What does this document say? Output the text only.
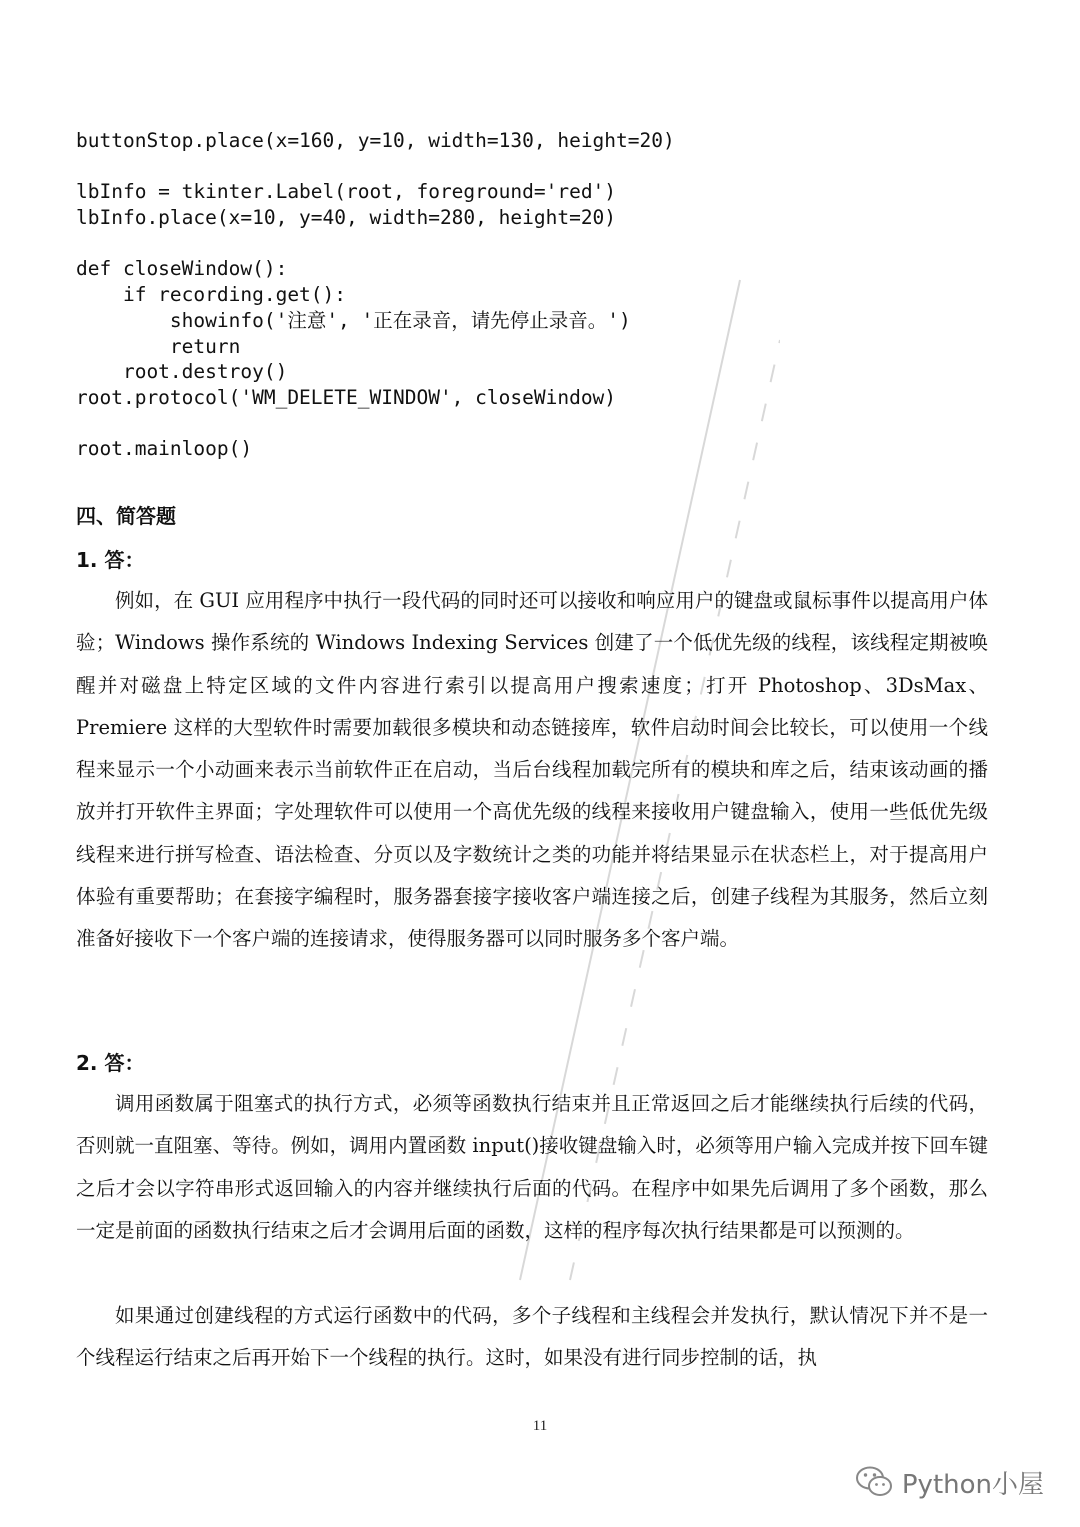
buttonStop.place(x=160, y=10, width=130, height=20)
lbInfo = tkinter.Label(root, foreground='red')
lbInfo.place(x=10, y=40, width=280, height=20)
def closeWindow():
if recording.get():
showinfo('注意', '正在录音，请先停止录音。')
return
root.destroy()
root.protocol('WM_DELETE_WINDOW', closeWindow)
root.mainloop()
四、简答题
1. 答：

例如，在 GUI 应用程序中执行一段代码的同时还可以接收和响应用户的键盘或鼠标事件以提高用户体验；Windows 操作系统的 Windows Indexing Services 创建了一个低优先级的线程，该线程定期被唤醒并对磁盘上特定区域的文件内容进行索引以提高用户搜索速度；打开 Photoshop、3DsMax、Premiere 这样的大型软件时需要加载很多模块和动态链接库，软件启动时间会比较长，可以使用一个线程来显示一个小动画来表示当前软件正在启动，当后台线程加载完所有的模块和库之后，结束该动画的播放并打开软件主界面；字处理软件可以使用一个高优先级的线程来接收用户键盘输入，使用一些低优先级线程来进行拼写检查、语法检查、分页以及字数统计之类的功能并将结果显示在状态栏上，对于提高用户体验有重要帮助；在套接字编程时，服务器套接字接收客户端连接之后，创建子线程为其服务，然后立刻准备好接收下一个客户端的连接请求，使得服务器可以同时服务多个客户端。

2. 答：

调用函数属于阻塞式的执行方式，必须等函数执行结束并且正常返回之后才能继续执行后续的代码，否则就一直阻塞、等待。例如，调用内置函数 input()接收键盘输入时，必须等用户输入完成并按下回车键之后才会以字符串形式返回输入的内容并继续执行后面的代码。在程序中如果先后调用了多个函数，那么一定是前面的函数执行结束之后才会调用后面的函数，这样的程序每次执行结果都是可以预测的。

如果通过创建线程的方式运行函数中的代码，多个子线程和主线程会并发执行，默认情况下并不是一个线程运行结束之后再开始下一个线程的执行。这时，如果没有进行同步控制的话，执

11
Python小屋
